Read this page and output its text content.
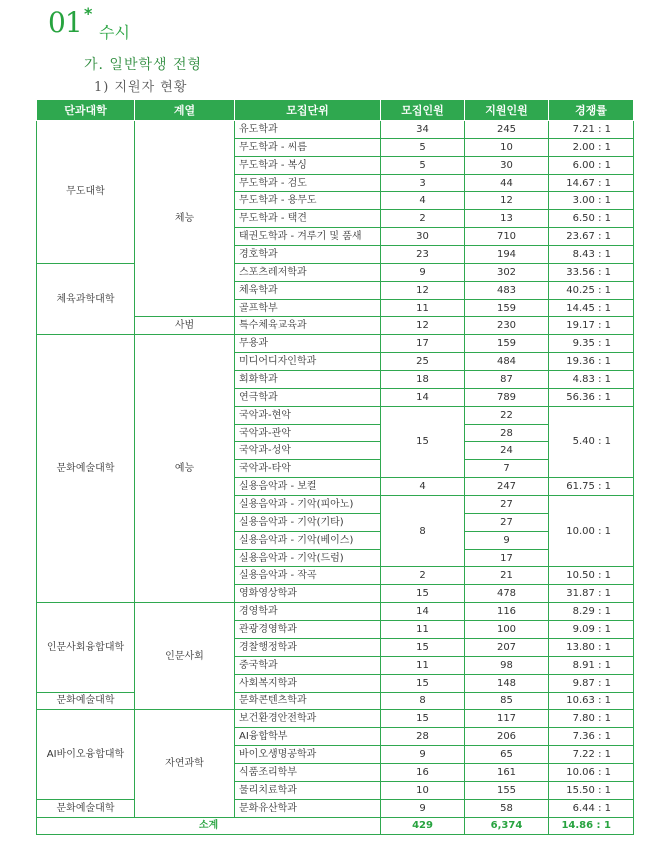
01 *
수시
가. 일반학생 전형
1) 지원자 현황
단과대학	계열	모집단위	모집인원	지원인원	경쟁률
무도대학	체능	유도학과	34	245	7.21 : 1
		무도학과 - 씨름	5	10	2.00 : 1
		무도학과 - 복싱	5	30	6.00 : 1
		무도학과 - 검도	3	44	14.67 : 1
		무도학과 - 용무도	4	12	3.00 : 1
		무도학과 - 택견	2	13	6.50 : 1
		태권도학과 - 겨루기 및 품새	30	710	23.67 : 1
		경호학과	23	194	8.43 : 1
체육과학대학		스포츠레저학과	9	302	33.56 : 1
		체육학과	12	483	40.25 : 1
		골프학부	11	159	14.45 : 1
	사범	특수체육교육과	12	230	19.17 : 1
문화예술대학	예능	무용과	17	159	9.35 : 1
		미디어디자인학과	25	484	19.36 : 1
		회화학과	18	87	4.83 : 1
		연극학과	14	789	56.36 : 1
		국악과-현악	15	22	5.40 : 1
		국악과-관악		28	
		국악과-성악		24	
		국악과-타악		7	
		실용음악과 - 보컬	4	247	61.75 : 1
		실용음악과 - 기악(피아노)	8	27	10.00 : 1
		실용음악과 - 기악(기타)		27	
		실용음악과 - 기악(베이스)		9	
		실용음악과 - 기악(드럼)		17	
		실용음악과 - 작곡	2	21	10.50 : 1
		영화영상학과	15	478	31.87 : 1
인문사회융합대학	인문사회	경영학과	14	116	8.29 : 1
		관광경영학과	11	100	9.09 : 1
		경찰행정학과	15	207	13.80 : 1
		중국학과	11	98	8.91 : 1
		사회복지학과	15	148	9.87 : 1
문화예술대학		문화콘텐츠학과	8	85	10.63 : 1
AI바이오융합대학	자연과학	보건환경안전학과	15	117	7.80 : 1
		AI융합학부	28	206	7.36 : 1
		바이오생명공학과	9	65	7.22 : 1
		식품조리학부	16	161	10.06 : 1
		물리치료학과	10	155	15.50 : 1
문화예술대학		문화유산학과	9	58	6.44 : 1
소계			429	6,374	14.86 : 1
